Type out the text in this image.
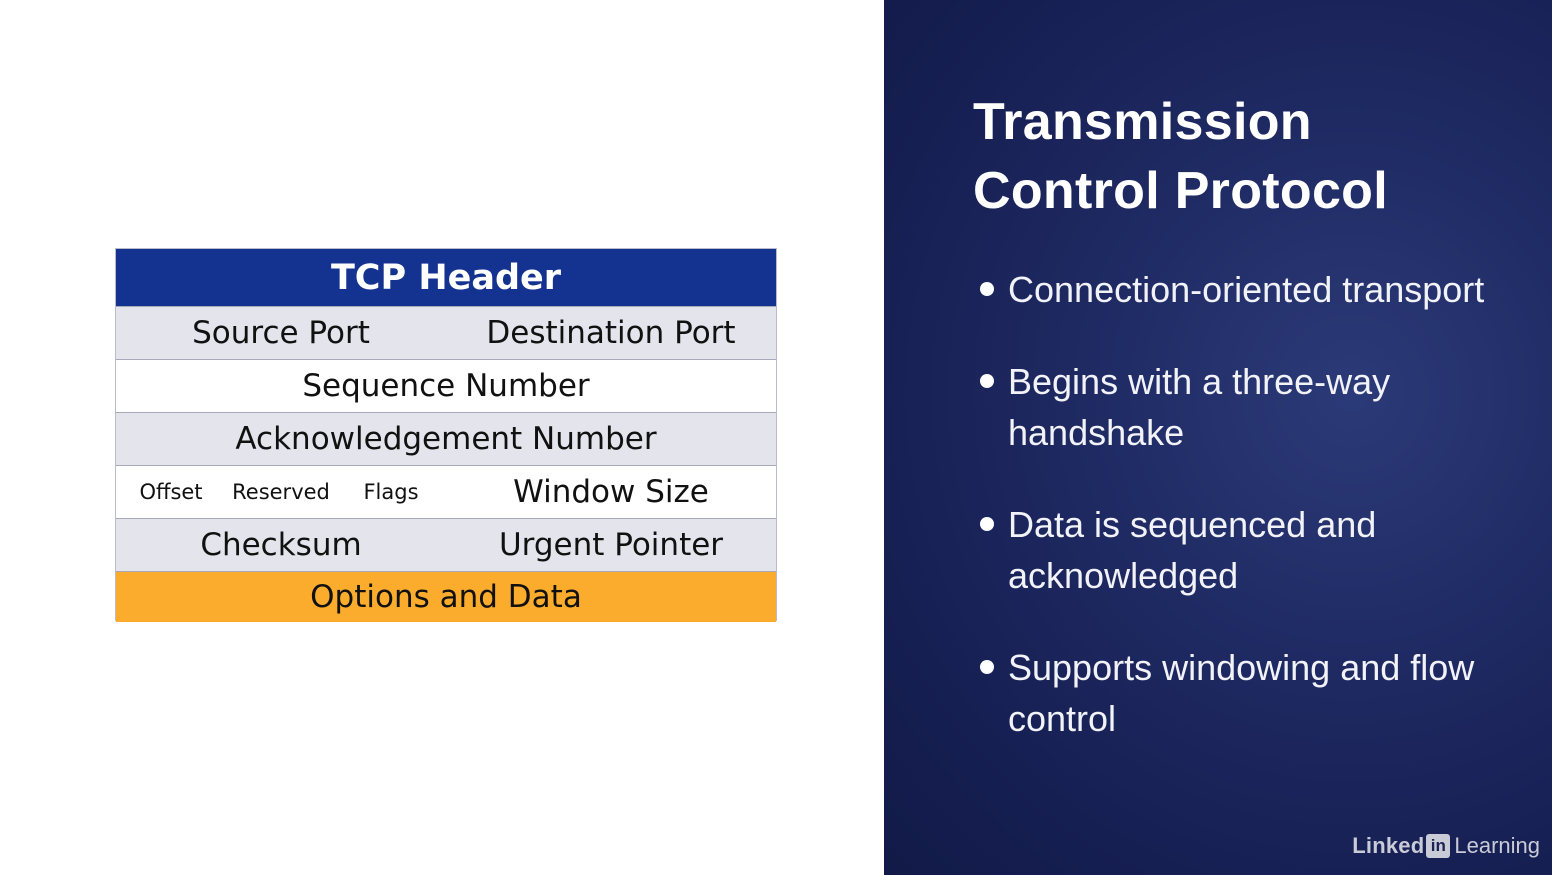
TCP Header
Source Port	Destination Port
Sequence Number
Acknowledgement Number
Offset	Reserved	Flags	Window Size
Checksum	Urgent Pointer
Options and Data
Transmission
Control Protocol
Connection-oriented transport
Begins with a three-way handshake
Data is sequenced and acknowledged
Supports windowing and flow control
Linked in Learning
